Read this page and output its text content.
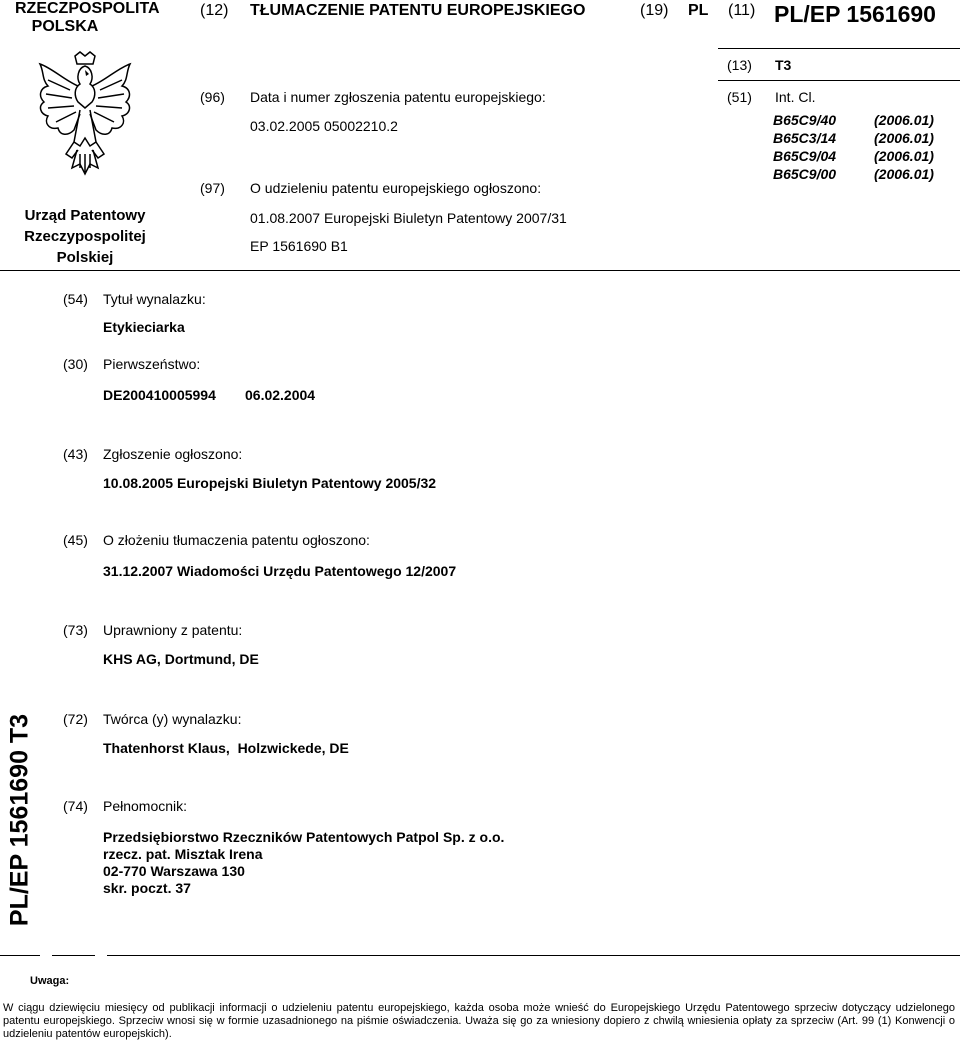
RZECZPOSPOLITA
POLSKA
(12) TŁUMACZENIE PATENTU EUROPEJSKIEGO	(19) PL (11) PL/EP 1561690
(13) T3
Urząd Patentowy
Rzeczypospolitej
Polskiej
(96) Data i numer zgłoszenia patentu europejskiego:
03.02.2005 05002210.2
(97) O udzieleniu patentu europejskiego ogłoszono:
01.08.2007 Europejski Biuletyn Patentowy 2007/31
EP 1561690 B1
(51) Int. Cl.
B65C9/40	(2006.01)
B65C3/14	(2006.01)
B65C9/04	(2006.01)
B65C9/00	(2006.01)
(54) Tytuł wynalazku:
Etykieciarka
(30) Pierwszeństwo:
DE200410005994 06.02.2004
(43) Zgłoszenie ogłoszono:
10.08.2005 Europejski Biuletyn Patentowy 2005/32
(45) O złożeniu tłumaczenia patentu ogłoszono:
31.12.2007 Wiadomości Urzędu Patentowego 12/2007
(73) Uprawniony z patentu:
KHS AG, Dortmund, DE
PL/EP 1561690 T3 (72) Twórca (y) wynalazku:
Thatenhorst Klaus,  Holzwickede, DE
(74) Pełnomocnik:
Przedsiębiorstwo Rzeczników Patentowych Patpol Sp. z o.o.
rzecz. pat. Misztak Irena
02-770 Warszawa 130
skr. poczt. 37
Uwaga:
W ciągu dziewięciu miesięcy od publikacji informacji o udzieleniu patentu europejskiego, każda osoba może wnieść do Europejskiego Urzędu Patentowego sprzeciw dotyczący udzielonego patentu europejskiego. Sprzeciw wnosi się w formie uzasadnionego na piśmie oświadczenia. Uważa się go za wniesiony dopiero z chwilą wniesienia opłaty za sprzeciw (Art. 99 (1) Konwencji o udzieleniu patentów europejskich).
